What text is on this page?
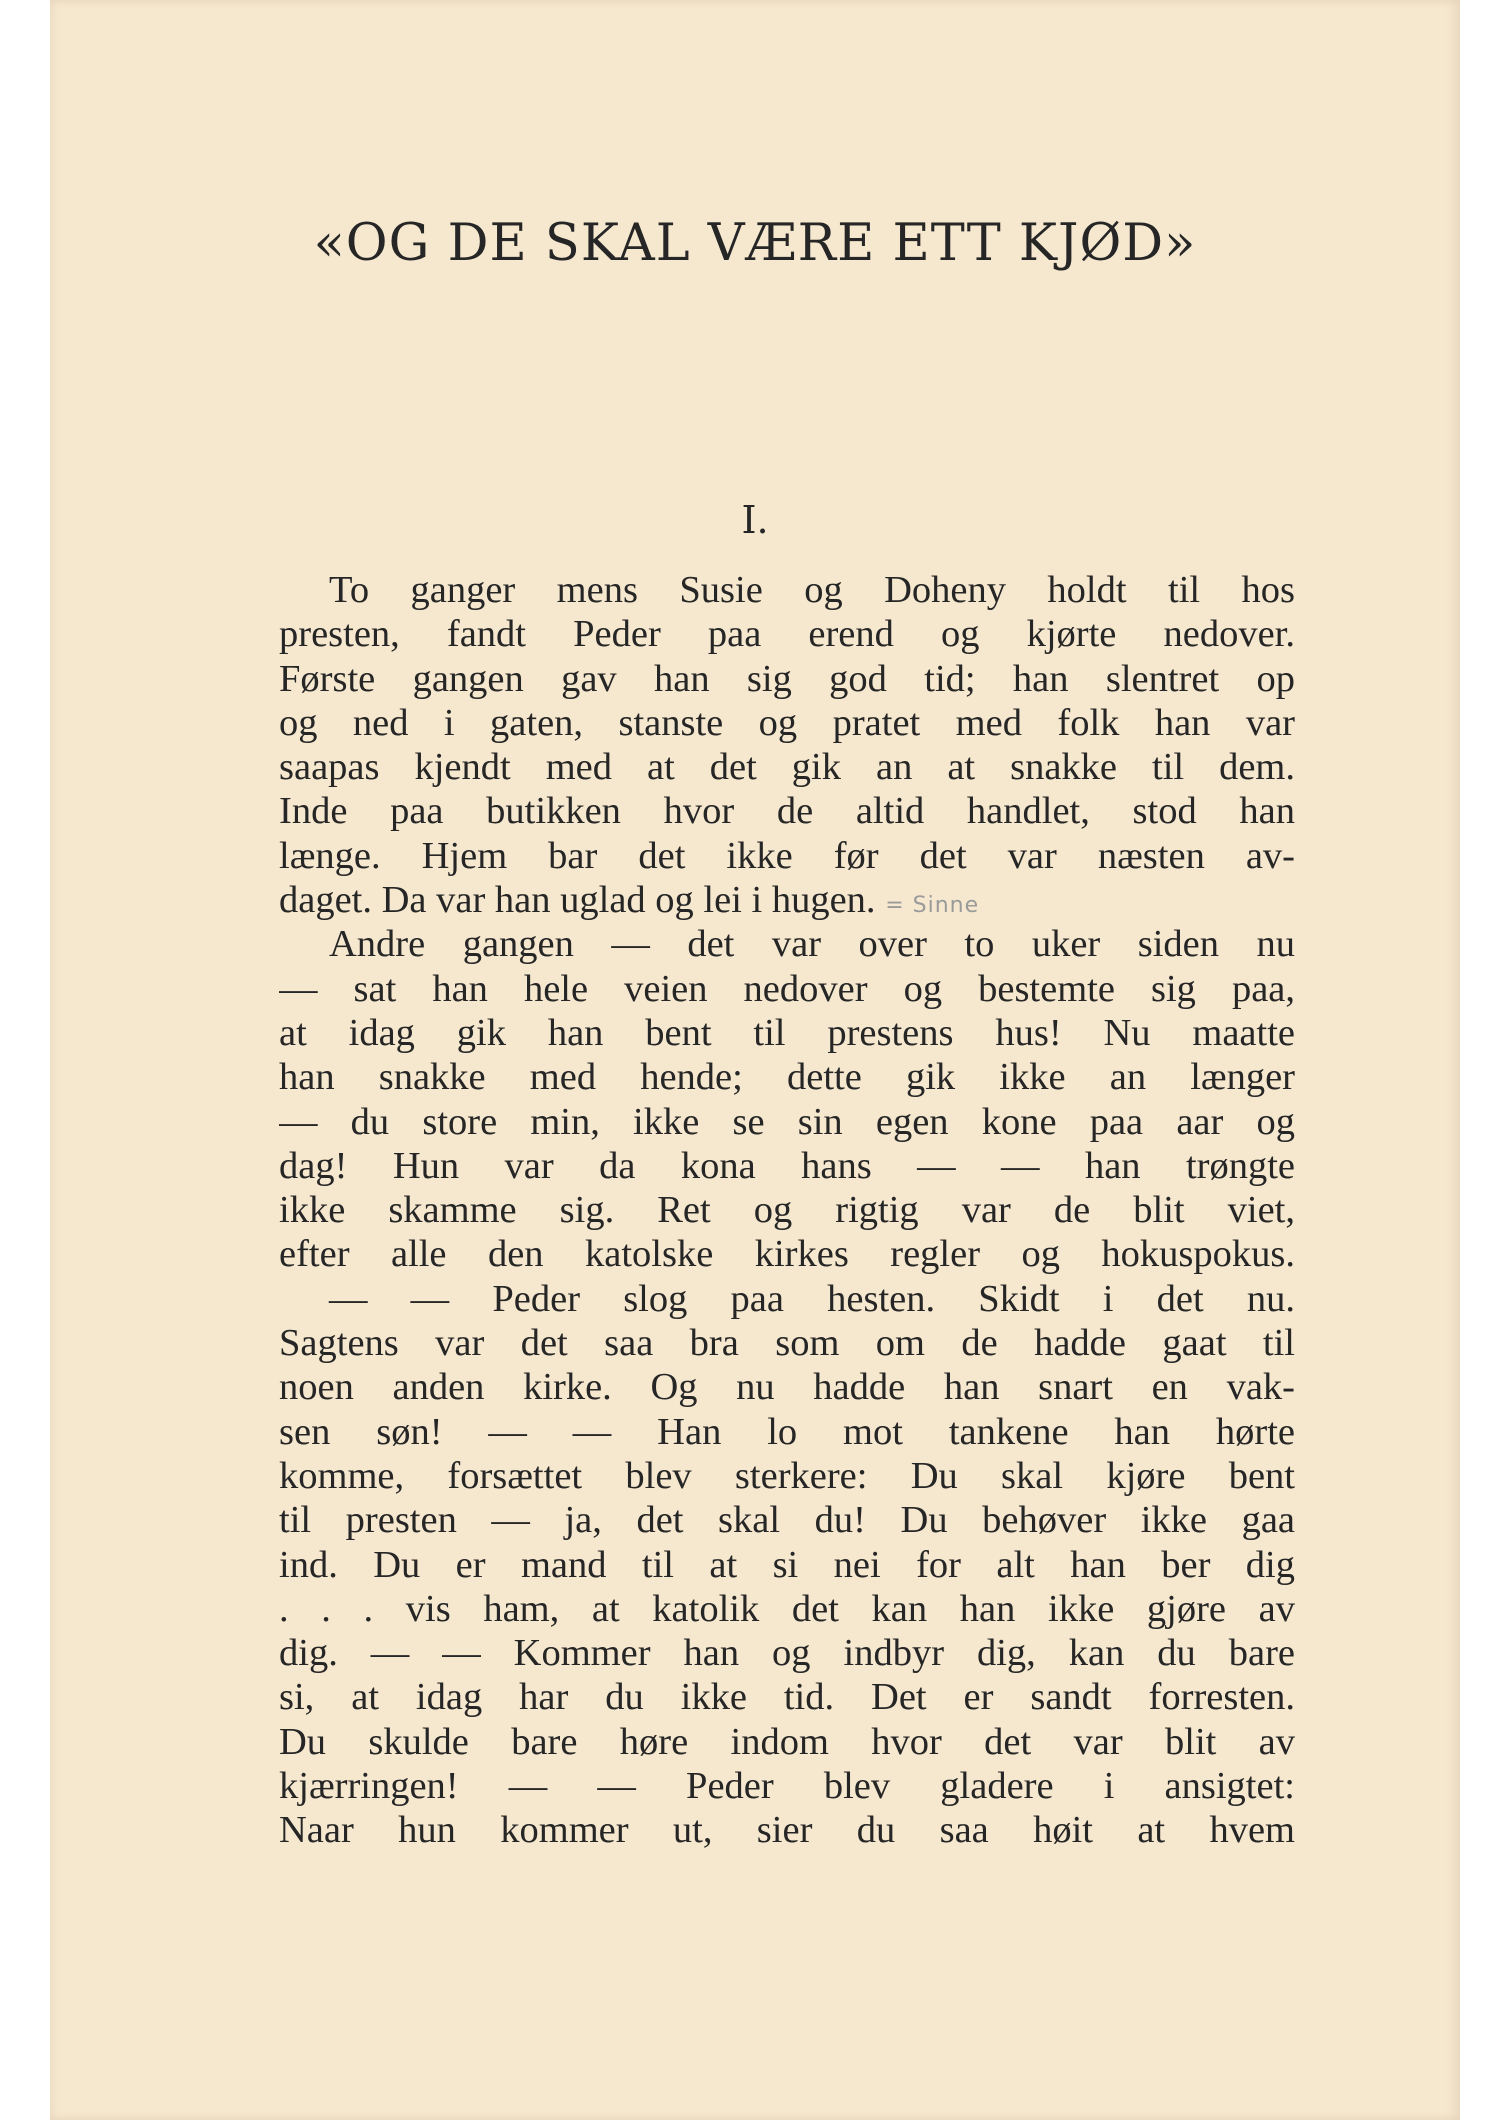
«OG DE SKAL VÆRE ETT KJØD»
I.
To ganger mens Susie og Doheny holdt til hos
presten, fandt Peder paa erend og kjørte nedover.
Første gangen gav han sig god tid; han slentret op
og ned i gaten, stanste og pratet med folk han var
saapas kjendt med at det gik an at snakke til dem.
Inde paa butikken hvor de altid handlet, stod han
længe. Hjem bar det ikke før det var næsten av-
daget. Da var han uglad og lei i hugen. = Sinne
Andre gangen — det var over to uker siden nu
— sat han hele veien nedover og bestemte sig paa,
at idag gik han bent til prestens hus! Nu maatte
han snakke med hende; dette gik ikke an længer
— du store min, ikke se sin egen kone paa aar og
dag! Hun var da kona hans — — han trøngte
ikke skamme sig. Ret og rigtig var de blit viet,
efter alle den katolske kirkes regler og hokuspokus.
— — Peder slog paa hesten. Skidt i det nu.
Sagtens var det saa bra som om de hadde gaat til
noen anden kirke. Og nu hadde han snart en vak-
sen søn! — — Han lo mot tankene han hørte
komme, forsættet blev sterkere: Du skal kjøre bent
til presten — ja, det skal du! Du behøver ikke gaa
ind. Du er mand til at si nei for alt han ber dig
. . . vis ham, at katolik det kan han ikke gjøre av
dig. — — Kommer han og indbyr dig, kan du bare
si, at idag har du ikke tid. Det er sandt forresten.
Du skulde bare høre indom hvor det var blit av
kjærringen! — — Peder blev gladere i ansigtet:
Naar hun kommer ut, sier du saa høit at hvem
